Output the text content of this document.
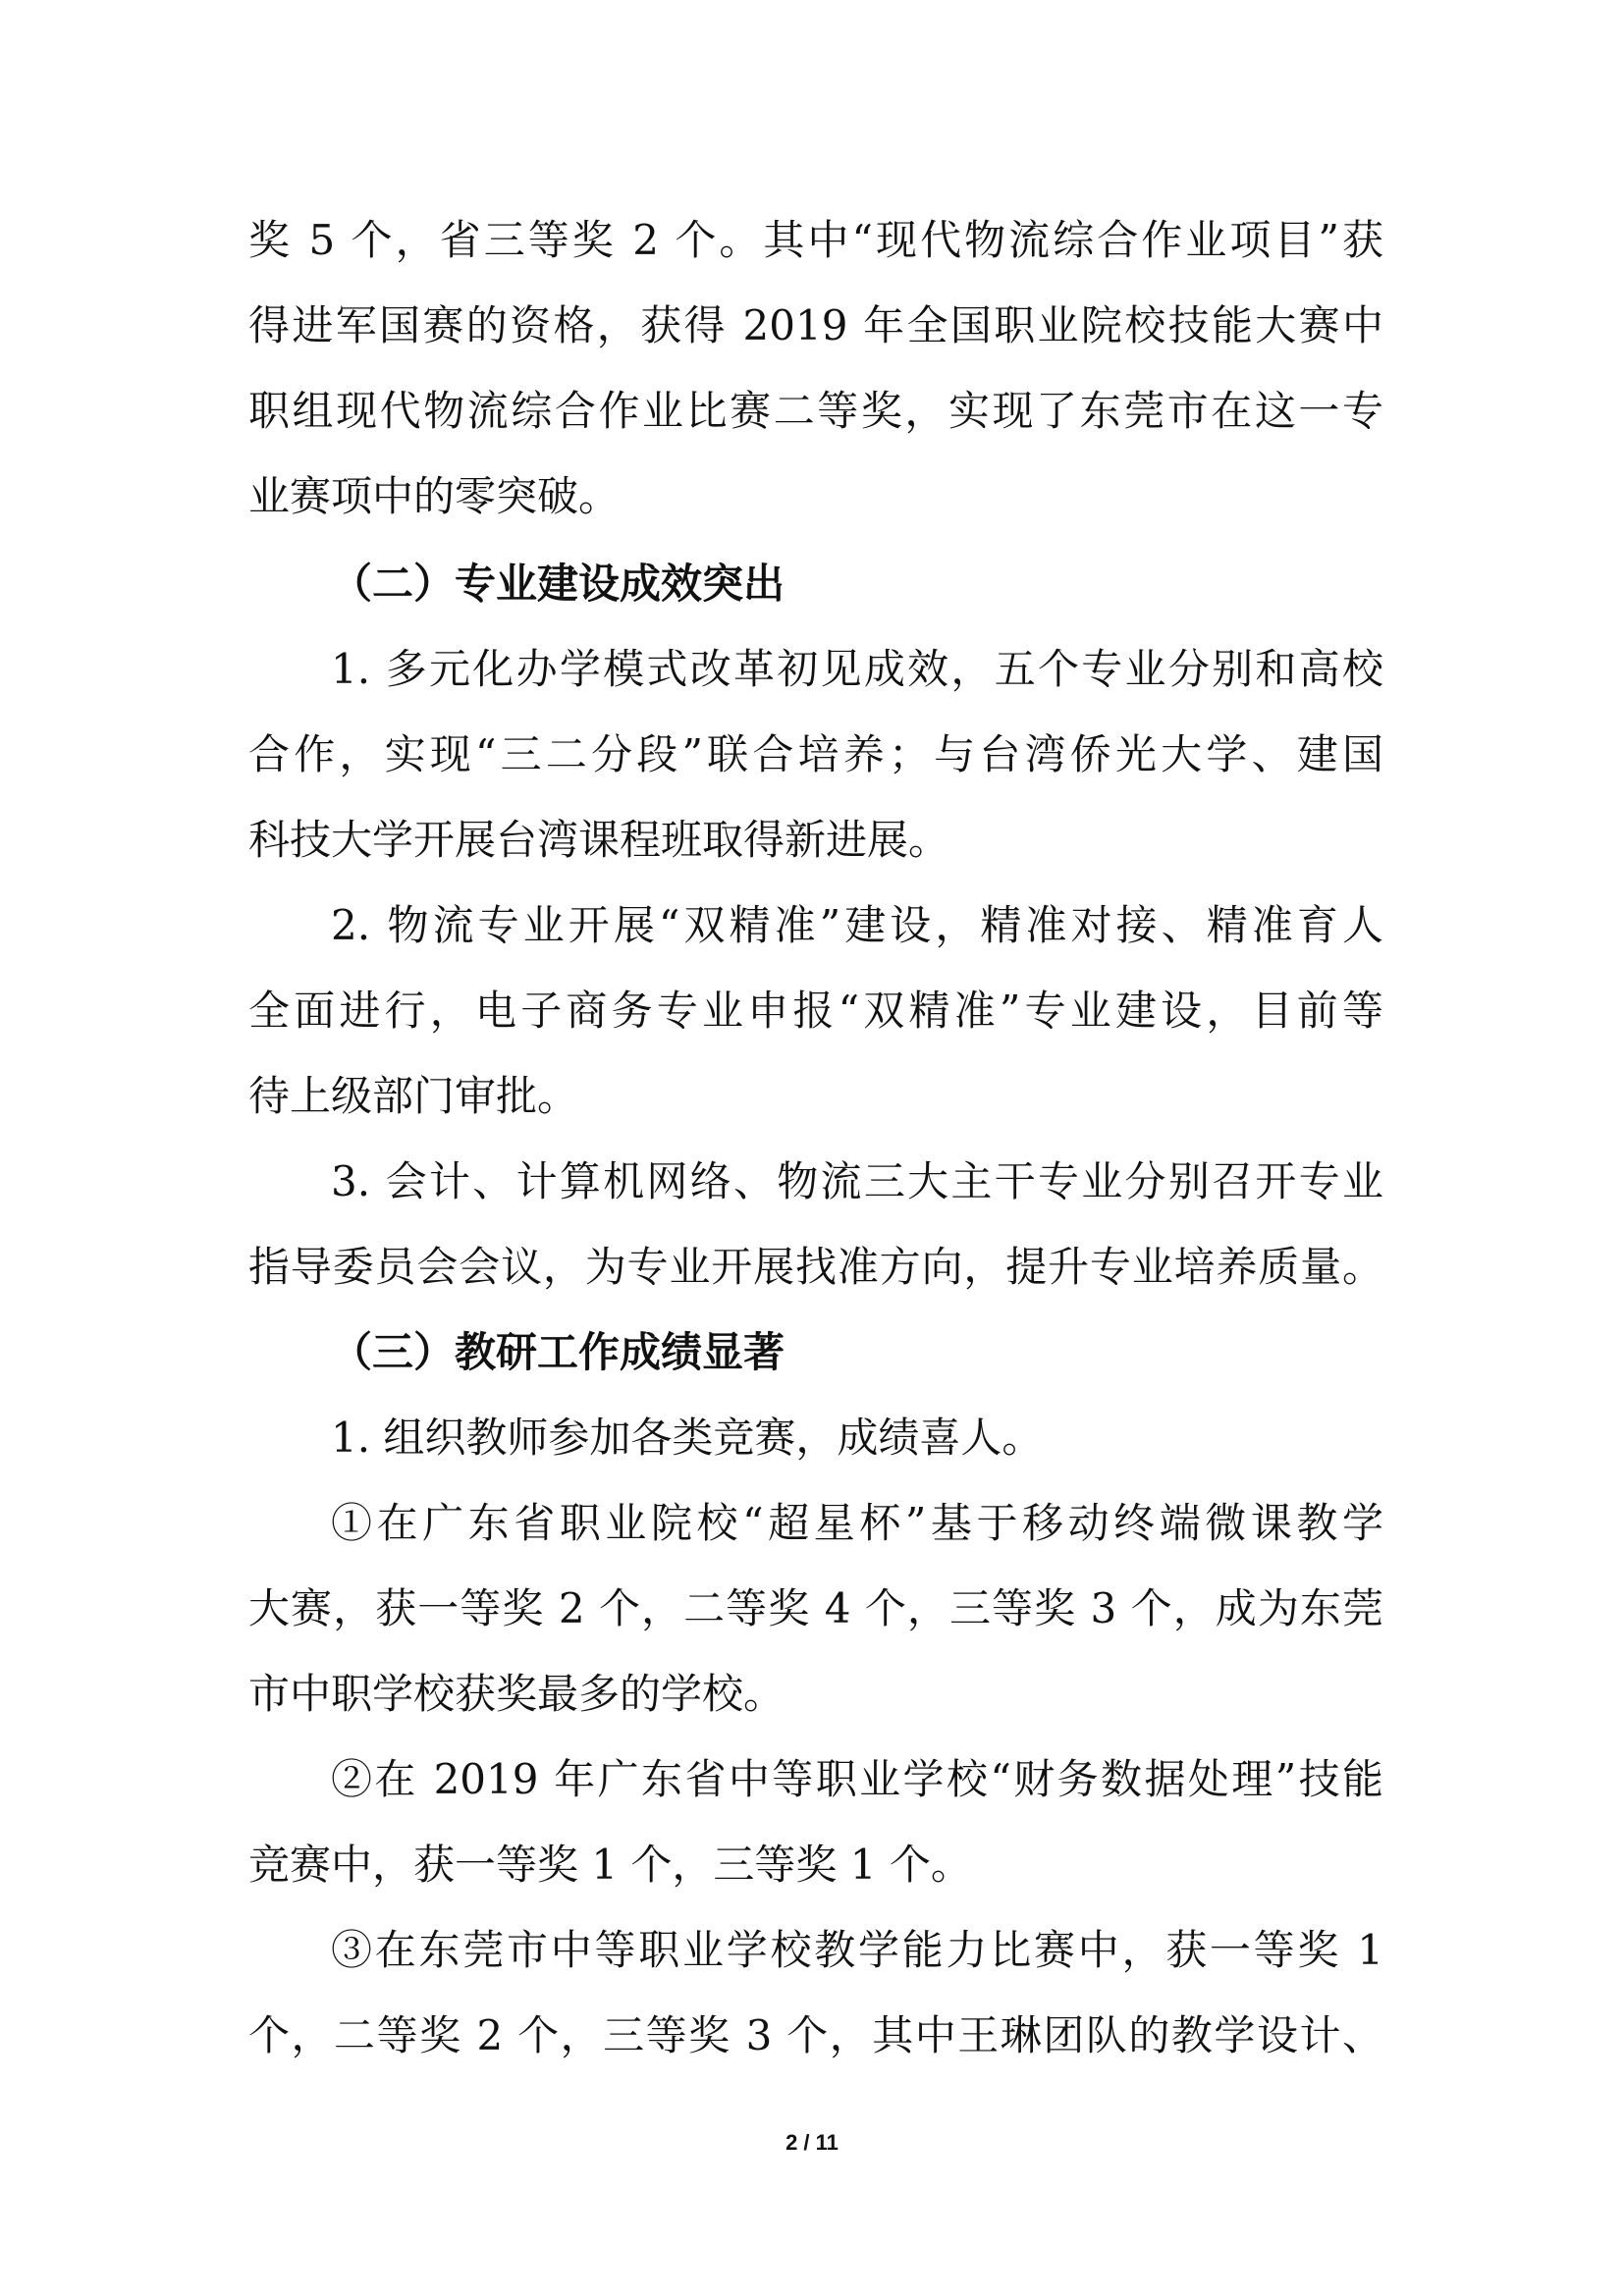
奖 5 个，省三等奖 2 个。其中“现代物流综合作业项目”获
得进军国赛的资格，获得 2019 年全国职业院校技能大赛中
职组现代物流综合作业比赛二等奖，实现了东莞市在这一专
业赛项中的零突破。
（二）专业建设成效突出
1. 多元化办学模式改革初见成效，五个专业分别和高校
合作，实现“三二分段”联合培养；与台湾侨光大学、建国
科技大学开展台湾课程班取得新进展。
2. 物流专业开展“双精准”建设，精准对接、精准育人
全面进行，电子商务专业申报“双精准”专业建设，目前等
待上级部门审批。
3. 会计、计算机网络、物流三大主干专业分别召开专业
指导委员会会议，为专业开展找准方向，提升专业培养质量。
（三）教研工作成绩显著
1. 组织教师参加各类竞赛，成绩喜人。
①在广东省职业院校“超星杯”基于移动终端微课教学
大赛，获一等奖 2 个，二等奖 4 个，三等奖 3 个，成为东莞
市中职学校获奖最多的学校。
②在 2019 年广东省中等职业学校“财务数据处理”技能
竞赛中，获一等奖 1 个，三等奖 1 个。
③在东莞市中等职业学校教学能力比赛中，获一等奖 1
个，二等奖 2 个，三等奖 3 个，其中王琳团队的教学设计、
2 / 11
